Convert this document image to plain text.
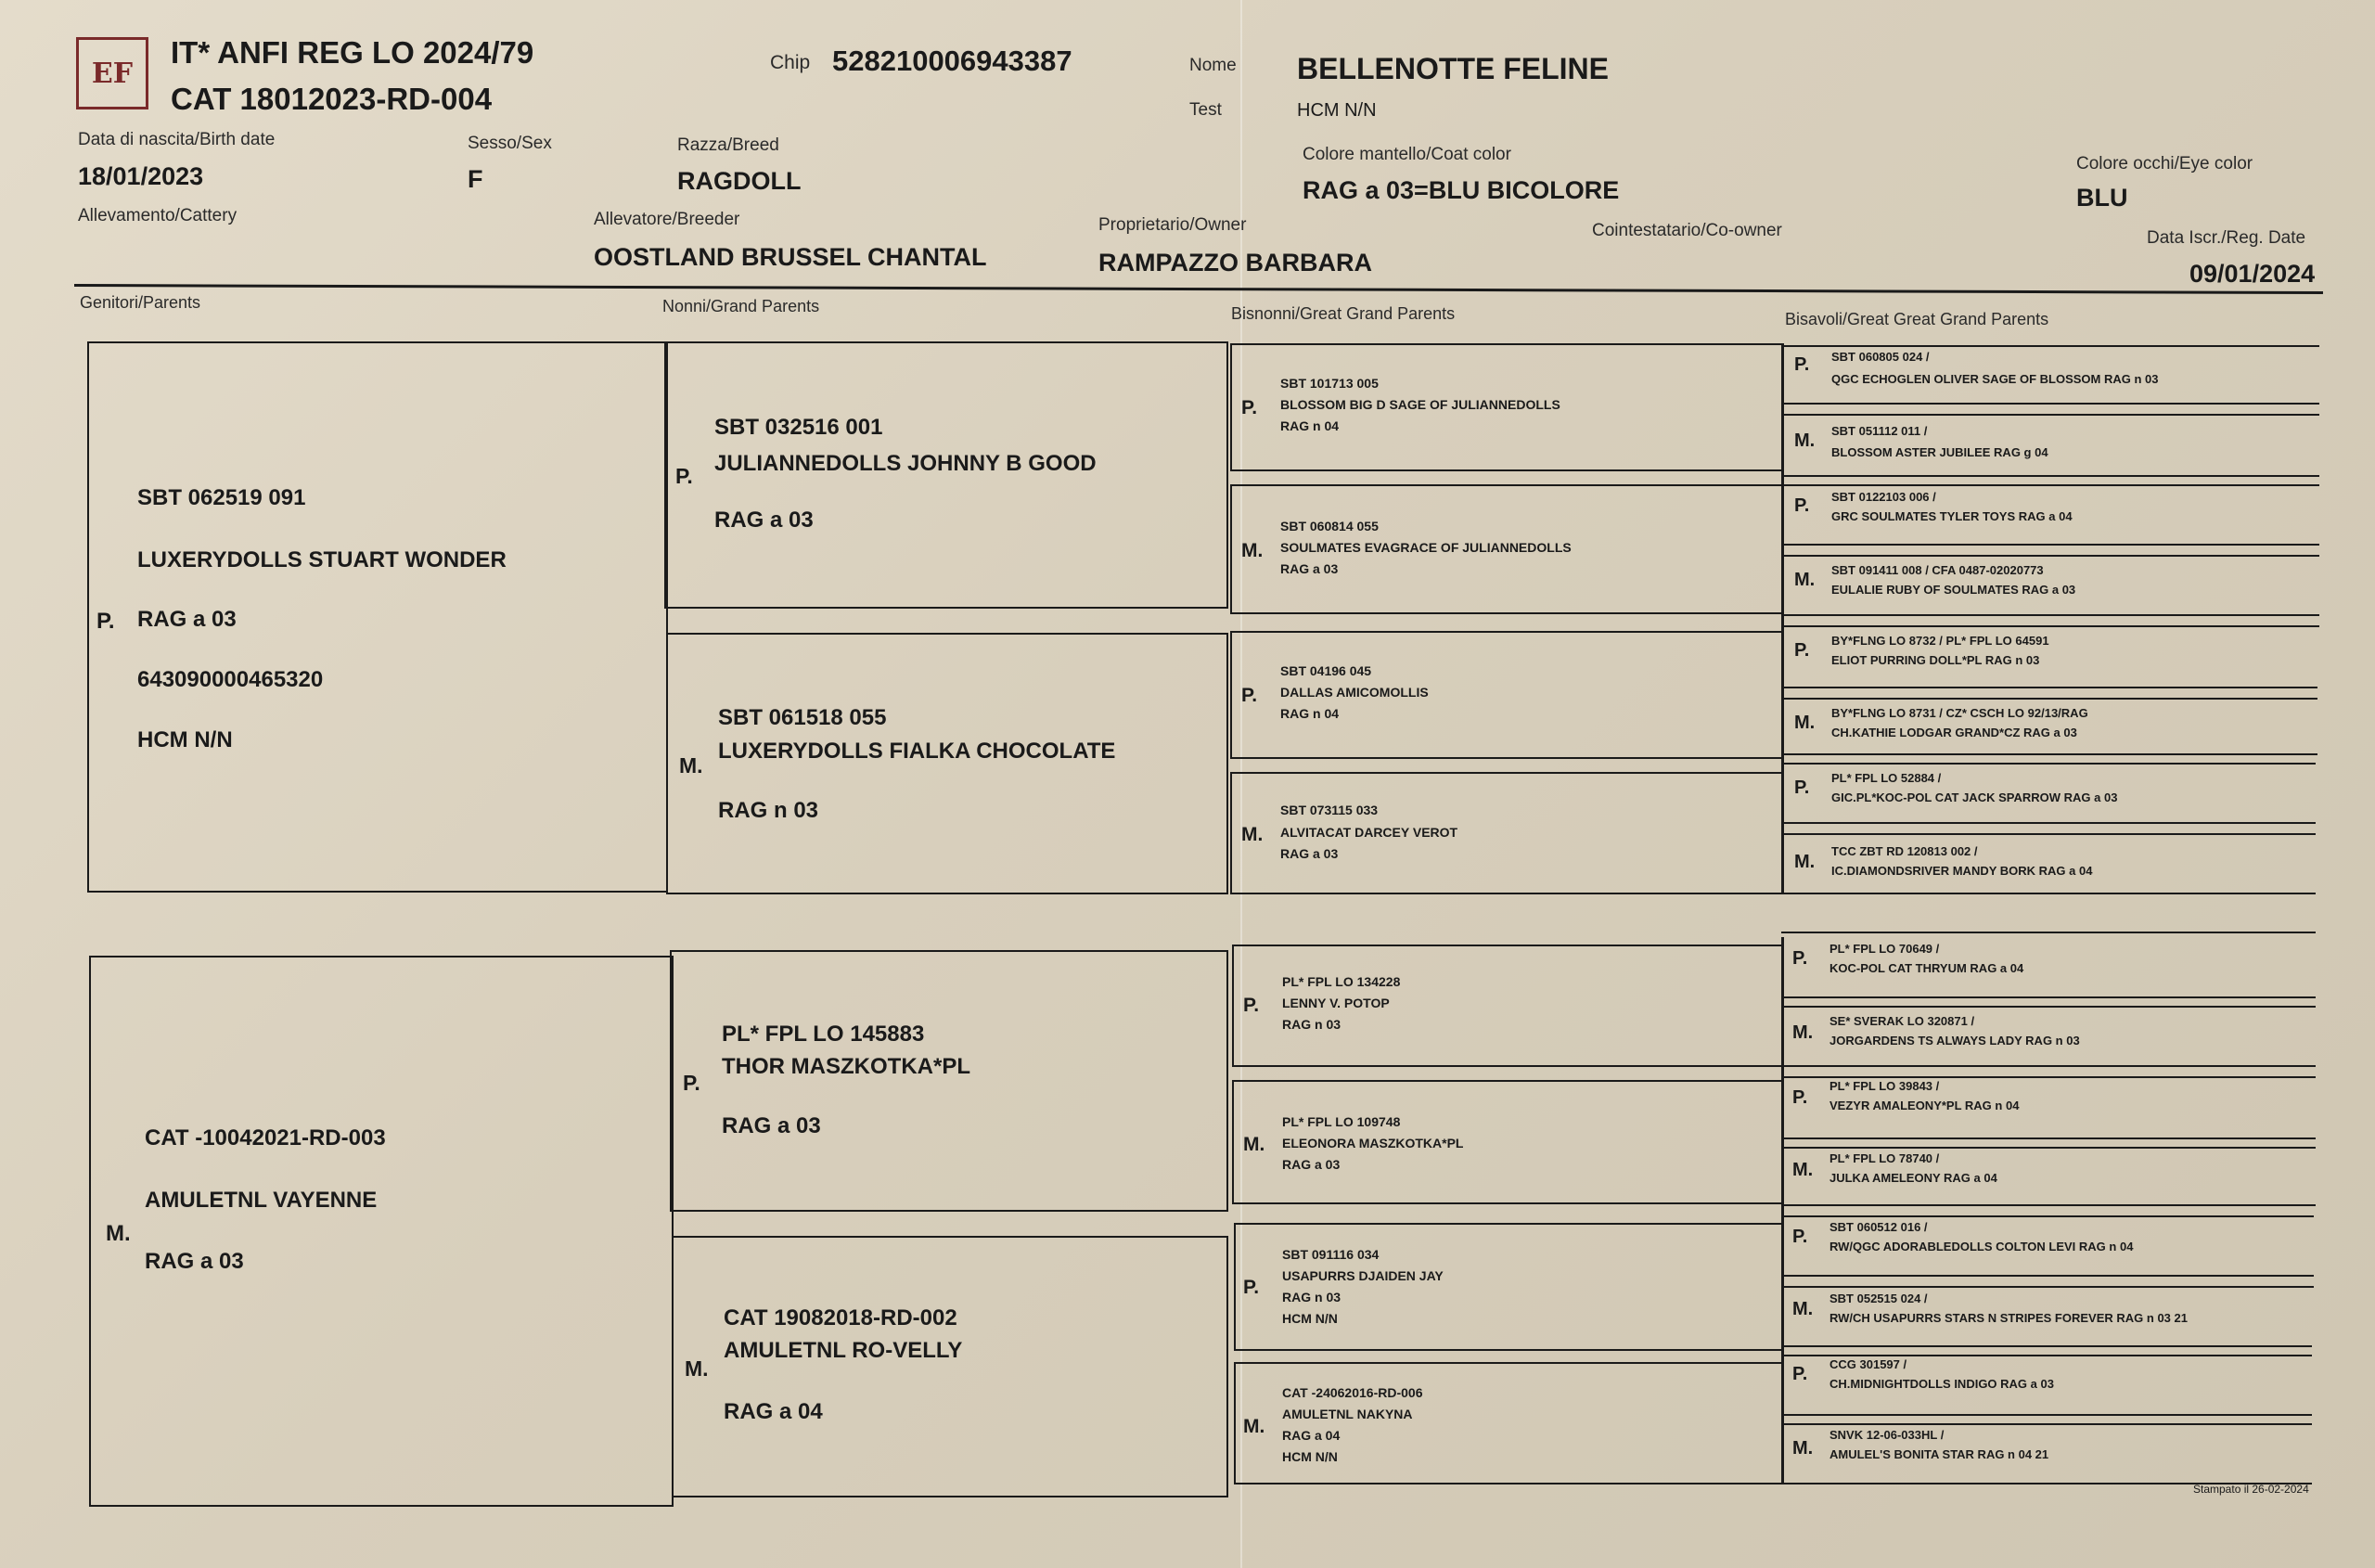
EF
IT* ANFI REG LO 2024/79
CAT 18012023-RD-004
Chip 528210006943387	Nome BELLENOTTE FELINE
Test	HCM N/N
Data di nascita/Birth date
18/01/2023
Sesso/Sex
F
Razza/Breed
RAGDOLL
Colore mantello/Coat color
RAG a 03=BLU BICOLORE
Colore occhi/Eye color
BLU
Allevamento/Cattery	Allevatore/Breeder
OOSTLAND BRUSSEL CHANTAL
Proprietario/Owner
RAMPAZZO BARBARA
Cointestatario/Co-owner	Data Iscr./Reg. Date
09/01/2024
Genitori/Parents	Nonni/Grand Parents	Bisnonni/Great Grand Parents	Bisavoli/Great Great Grand Parents
P.
SBT 062519 091
LUXERYDOLLS STUART WONDER
RAG a 03
643090000465320
HCM N/N
M.
CAT -10042021-RD-003
AMULETNL VAYENNE
RAG a 03
P.
SBT 032516 001
JULIANNEDOLLS JOHNNY B GOOD
RAG a 03
M.
SBT 061518 055
LUXERYDOLLS FIALKA CHOCOLATE
RAG n 03
P.
PL* FPL LO 145883
THOR MASZKOTKA*PL
RAG a 03
M.
CAT 19082018-RD-002
AMULETNL RO-VELLY
RAG a 04
P.
SBT 101713 005
BLOSSOM BIG D SAGE OF JULIANNEDOLLS
RAG n 04
M.
SBT 060814 055
SOULMATES EVAGRACE OF JULIANNEDOLLS
RAG a 03
P.
SBT 04196 045
DALLAS AMICOMOLLIS
RAG n 04
M.
SBT 073115 033
ALVITACAT DARCEY VEROT
RAG a 03
P.
PL* FPL LO 134228
LENNY V. POTOP
RAG n 03
M.
PL* FPL LO 109748
ELEONORA MASZKOTKA*PL
RAG a 03
P.
SBT 091116 034
USAPURRS DJAIDEN JAY
RAG n 03
HCM N/N
M.
CAT -24062016-RD-006
AMULETNL NAKYNA
RAG a 04
HCM N/N
P. SBT 060805 024 /
QGC ECHOGLEN OLIVER SAGE OF BLOSSOM RAG n 03
M. SBT 051112 011 /
BLOSSOM ASTER JUBILEE RAG g 04
P. SBT 0122103 006 /
GRC SOULMATES TYLER TOYS RAG a 04
M. SBT 091411 008 / CFA 0487-02020773
EULALIE RUBY OF SOULMATES RAG a 03
P. BY*FLNG LO 8732 / PL* FPL LO 64591
ELIOT PURRING DOLL*PL RAG n 03
M. BY*FLNG LO 8731 / CZ* CSCH LO 92/13/RAG
CH.KATHIE LODGAR GRAND*CZ RAG a 03
P. PL* FPL LO 52884 /
GIC.PL*KOC-POL CAT JACK SPARROW RAG a 03
M.
TCC ZBT RD 120813 002 /
IC.DIAMONDSRIVER MANDY BORK RAG a 04
P. PL* FPL LO 70649 /
KOC-POL CAT THRYUM RAG a 04
M.
SE* SVERAK LO 320871 /
JORGARDENS TS ALWAYS LADY RAG n 03
P.
PL* FPL LO 39843 /
VEZYR AMALEONY*PL RAG n 04
M.
PL* FPL LO 78740 /
JULKA AMELEONY RAG a 04
P. SBT 060512 016 /
RW/QGC ADORABLEDOLLS COLTON LEVI RAG n 04
M.
SBT 052515 024 /
RW/CH USAPURRS STARS N STRIPES FOREVER RAG n 03 21
P. CCG 301597 /
CH.MIDNIGHTDOLLS INDIGO RAG a 03
M.
SNVK 12-06-033HL /
AMULEL'S BONITA STAR RAG n 04 21
Stampato il 26-02-2024
